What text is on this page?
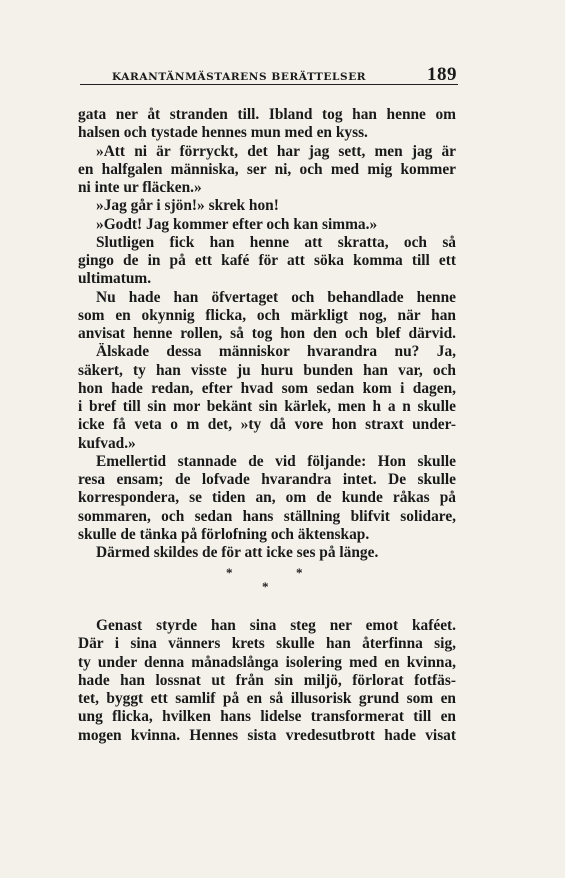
KARANTÄNMÄSTARENS BERÄTTELSER	189
gata ner åt stranden till. Ibland tog han henne om
halsen och tystade hennes mun med en kyss.
»Att ni är förryckt, det har jag sett, men jag är
en halfgalen människa, ser ni, och med mig kommer
ni inte ur fläcken.»
»Jag går i sjön!» skrek hon!
»Godt! Jag kommer efter och kan simma.»
Slutligen fick han henne att skratta, och så
gingo de in på ett kafé för att söka komma till ett
ultimatum.
Nu hade han öfvertaget och behandlade henne
som en okynnig flicka, och märkligt nog, när han
anvisat henne rollen, så tog hon den och blef därvid.
Älskade dessa människor hvarandra nu? Ja,
säkert, ty han visste ju huru bunden han var, och
hon hade redan, efter hvad som sedan kom i dagen,
i bref till sin mor bekänt sin kärlek, men h a n skulle
icke få veta o m det, »ty då vore hon straxt under-
kufvad.»
Emellertid stannade de vid följande: Hon skulle
resa ensam; de lofvade hvarandra intet. De skulle
korrespondera, se tiden an, om de kunde råkas på
sommaren, och sedan hans ställning blifvit solidare,
skulle de tänka på förlofning och äktenskap.
Därmed skildes de för att icke ses på länge.
*	*
*
Genast styrde han sina steg ner emot kaféet.
Där i sina vänners krets skulle han återfinna sig,
ty under denna månadslånga isolering med en kvinna,
hade han lossnat ut från sin miljö, förlorat fotfäs-
tet, byggt ett samlif på en så illusorisk grund som en
ung flicka, hvilken hans lidelse transformerat till en
mogen kvinna. Hennes sista vredesutbrott hade visat
